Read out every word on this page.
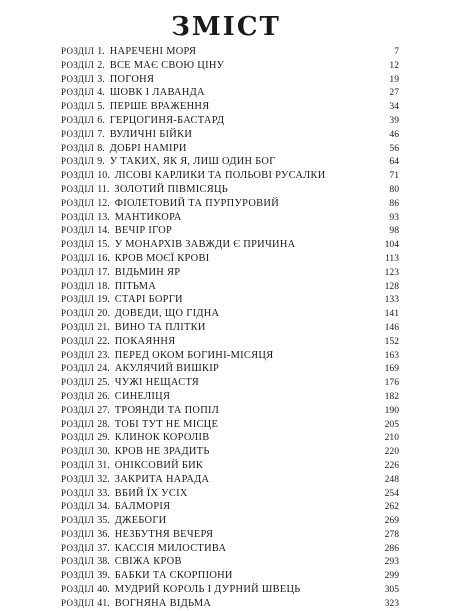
ЗМІСТ
РОЗДІЛ 1. НАРЕЧЕНІ МОРЯ	7
РОЗДІЛ 2. ВСЕ МАЄ СВОЮ ЦІНУ	12
РОЗДІЛ 3. ПОГОНЯ	19
РОЗДІЛ 4. ШОВК І ЛАВАНДА	27
РОЗДІЛ 5. ПЕРШЕ ВРАЖЕННЯ	34
РОЗДІЛ 6. ГЕРЦОГИНЯ-БАСТАРД	39
РОЗДІЛ 7. ВУЛИЧНІ БІЙКИ	46
РОЗДІЛ 8. ДОБРІ НАМІРИ	56
РОЗДІЛ 9. У ТАКИХ, ЯК Я, ЛИШ ОДИН БОГ	64
РОЗДІЛ 10. ЛІСОВІ КАРЛИКИ ТА ПОЛЬОВІ РУСАЛКИ	71
РОЗДІЛ 11. ЗОЛОТИЙ ПІВМІСЯЦЬ	80
РОЗДІЛ 12. ФІОЛЕТОВИЙ ТА ПУРПУРОВИЙ	86
РОЗДІЛ 13. МАНТИКОРА	93
РОЗДІЛ 14. ВЕЧІР ІГОР	98
РОЗДІЛ 15. У МОНАРХІВ ЗАВЖДИ Є ПРИЧИНА	104
РОЗДІЛ 16. КРОВ МОЄЇ КРОВІ	113
РОЗДІЛ 17. ВІДЬМИН ЯР	123
РОЗДІЛ 18. ПІТЬМА	128
РОЗДІЛ 19. СТАРІ БОРГИ	133
РОЗДІЛ 20. ДОВЕДИ, ЩО ГІДНА	141
РОЗДІЛ 21. ВИНО ТА ПЛІТКИ	146
РОЗДІЛ 22. ПОКАЯННЯ	152
РОЗДІЛ 23. ПЕРЕД ОКОМ БОГИНІ-МІСЯЦЯ	163
РОЗДІЛ 24. АКУЛЯЧИЙ ВИШКІР	169
РОЗДІЛ 25. ЧУЖІ НЕЩАСТЯ	176
РОЗДІЛ 26. СИНЕЛІЦЯ	182
РОЗДІЛ 27. ТРОЯНДИ ТА ПОПІЛ	190
РОЗДІЛ 28. ТОБІ ТУТ НЕ МІСЦЕ	205
РОЗДІЛ 29. КЛИНОК КОРОЛІВ	210
РОЗДІЛ 30. КРОВ НЕ ЗРАДИТЬ	220
РОЗДІЛ 31. ОНІКСОВИЙ БИК	226
РОЗДІЛ 32. ЗАКРИТА НАРАДА	248
РОЗДІЛ 33. ВБИЙ ЇХ УСІХ	254
РОЗДІЛ 34. БАЛМОРІЯ	262
РОЗДІЛ 35. ДЖЕБОГИ	269
РОЗДІЛ 36. НЕЗБУТНЯ ВЕЧЕРЯ	278
РОЗДІЛ 37. КАССІЯ МИЛОСТИВА	286
РОЗДІЛ 38. СВІЖА КРОВ	293
РОЗДІЛ 39. БАБКИ ТА СКОРПІОНИ	299
РОЗДІЛ 40. МУДРИЙ КОРОЛЬ І ДУРНИЙ ШВЕЦЬ	305
РОЗДІЛ 41. ВОГНЯНА ВІДЬМА	323
